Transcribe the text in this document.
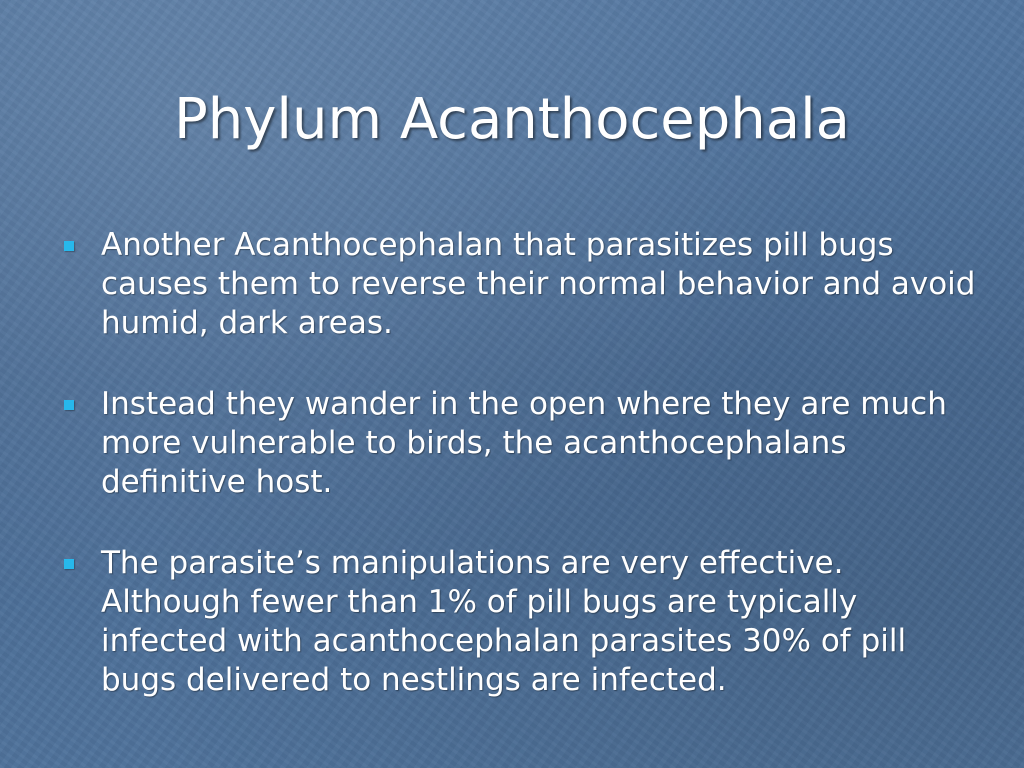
Phylum Acanthocephala
Another Acanthocephalan that parasitizes pill bugs causes them to reverse their normal behavior and avoid humid, dark areas.
Instead they wander in the open where they are much more vulnerable to birds, the acanthocephalans definitive host.
The parasite’s manipulations are very effective. Although fewer than 1% of pill bugs are typically infected with acanthocephalan parasites 30% of pill bugs delivered to nestlings are infected.
